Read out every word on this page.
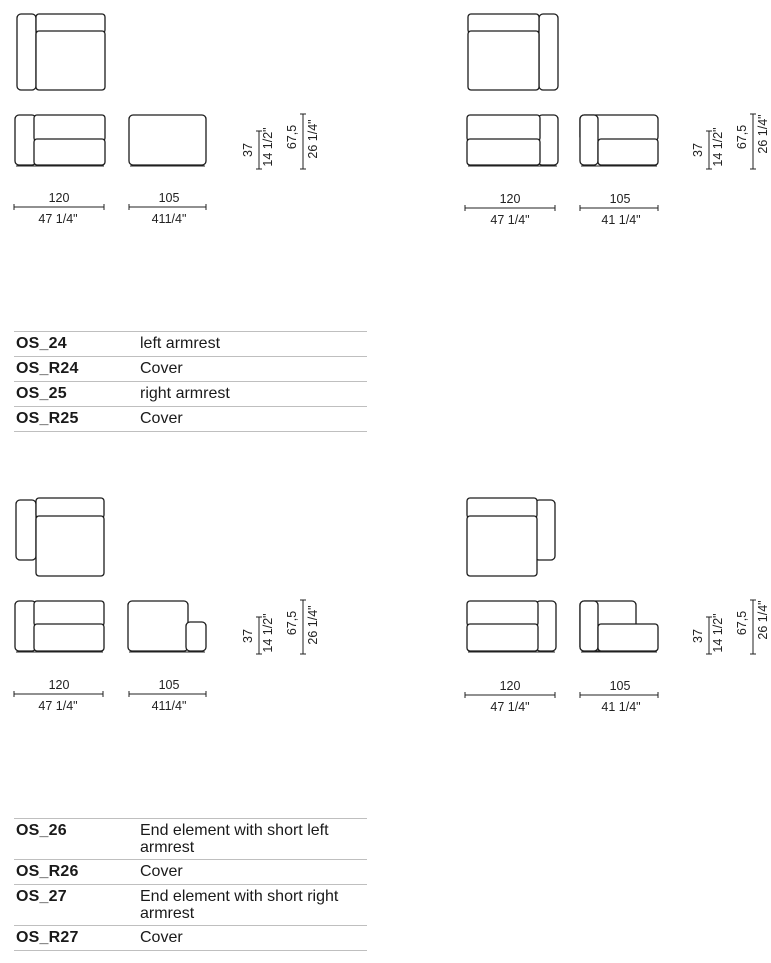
120
47 1/4"
105
411/4"
37 14 1/2" 67,5 26 1/4"
120
47 1/4"
105
41 1/4"
37 14 1/2" 67,5 26 1/4"
120
47 1/4"
105
411/4"
37 14 1/2" 67,5 26 1/4"
120
47 1/4"
105
41 1/4"
37 14 1/2" 67,5 26 1/4"
OS_24	left armrest
OS_R24	Cover
OS_25	right armrest
OS_R25	Cover
OS_26	End element with short left armrest
OS_R26	Cover
OS_27	End element with short right armrest
OS_R27	Cover
